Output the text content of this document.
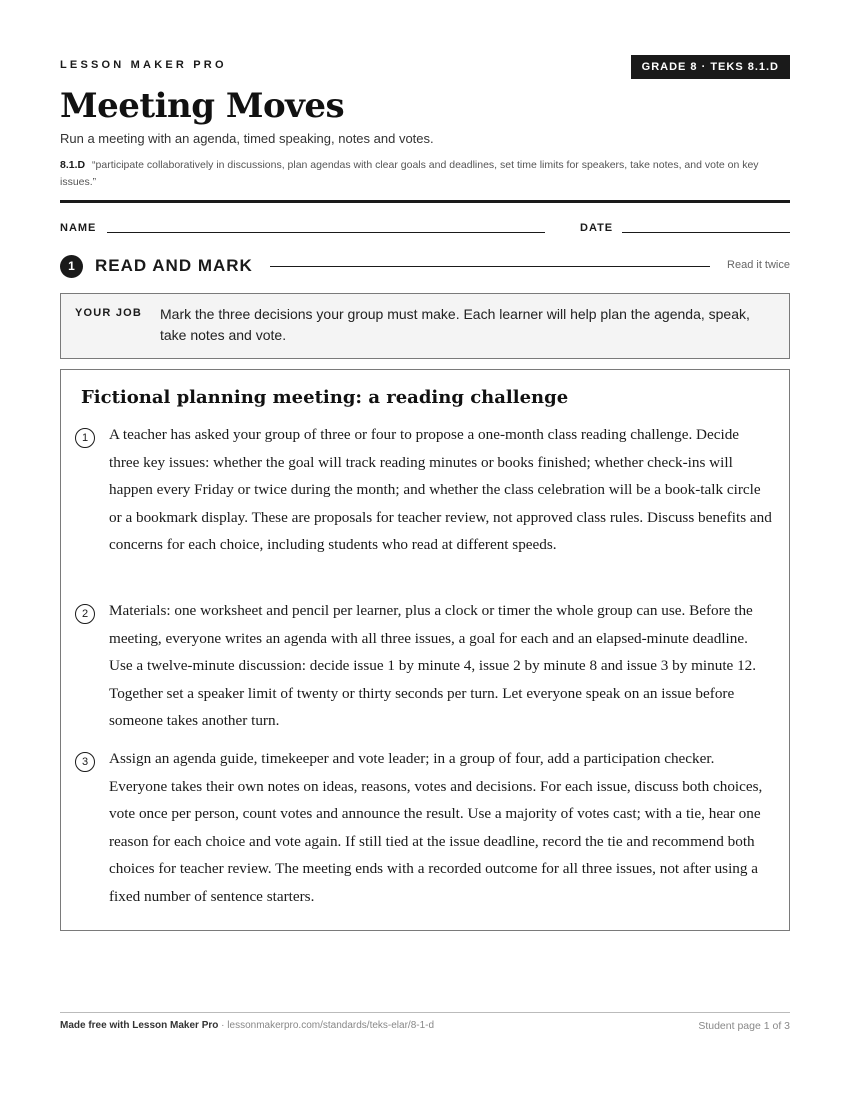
LESSON MAKER PRO	GRADE 8 · TEKS 8.1.D
Meeting Moves
Run a meeting with an agenda, timed speaking, notes and votes.
8.1.D “participate collaboratively in discussions, plan agendas with clear goals and deadlines, set time limits for speakers, take notes, and vote on key issues.”
NAME	DATE
1	READ AND MARK	Read it twice
YOUR JOB Mark the three decisions your group must make. Each learner will help plan the agenda, speak, take notes and vote.
Fictional planning meeting: a reading challenge
1	A teacher has asked your group of three or four to propose a one-month class reading challenge. Decide three key issues: whether the goal will track reading minutes or books finished; whether check-ins will happen every Friday or twice during the month; and whether the class celebration will be a book-talk circle or a bookmark display. These are proposals for teacher review, not approved class rules. Discuss benefits and concerns for each choice, including students who read at different speeds.
2	Materials: one worksheet and pencil per learner, plus a clock or timer the whole group can use. Before the meeting, everyone writes an agenda with all three issues, a goal for each and an elapsed-minute deadline. Use a twelve-minute discussion: decide issue 1 by minute 4, issue 2 by minute 8 and issue 3 by minute 12. Together set a speaker limit of twenty or thirty seconds per turn. Let everyone speak on an issue before someone takes another turn.
3	Assign an agenda guide, timekeeper and vote leader; in a group of four, add a participation checker. Everyone takes their own notes on ideas, reasons, votes and decisions. For each issue, discuss both choices, vote once per person, count votes and announce the result. Use a majority of votes cast; with a tie, hear one reason for each choice and vote again. If still tied at the issue deadline, record the tie and recommend both choices for teacher review. The meeting ends with a recorded outcome for all three issues, not after using a fixed number of sentence starters.
Made free with Lesson Maker Pro · lessonmakerpro.com/standards/teks-elar/8-1-d	Student page 1 of 3
